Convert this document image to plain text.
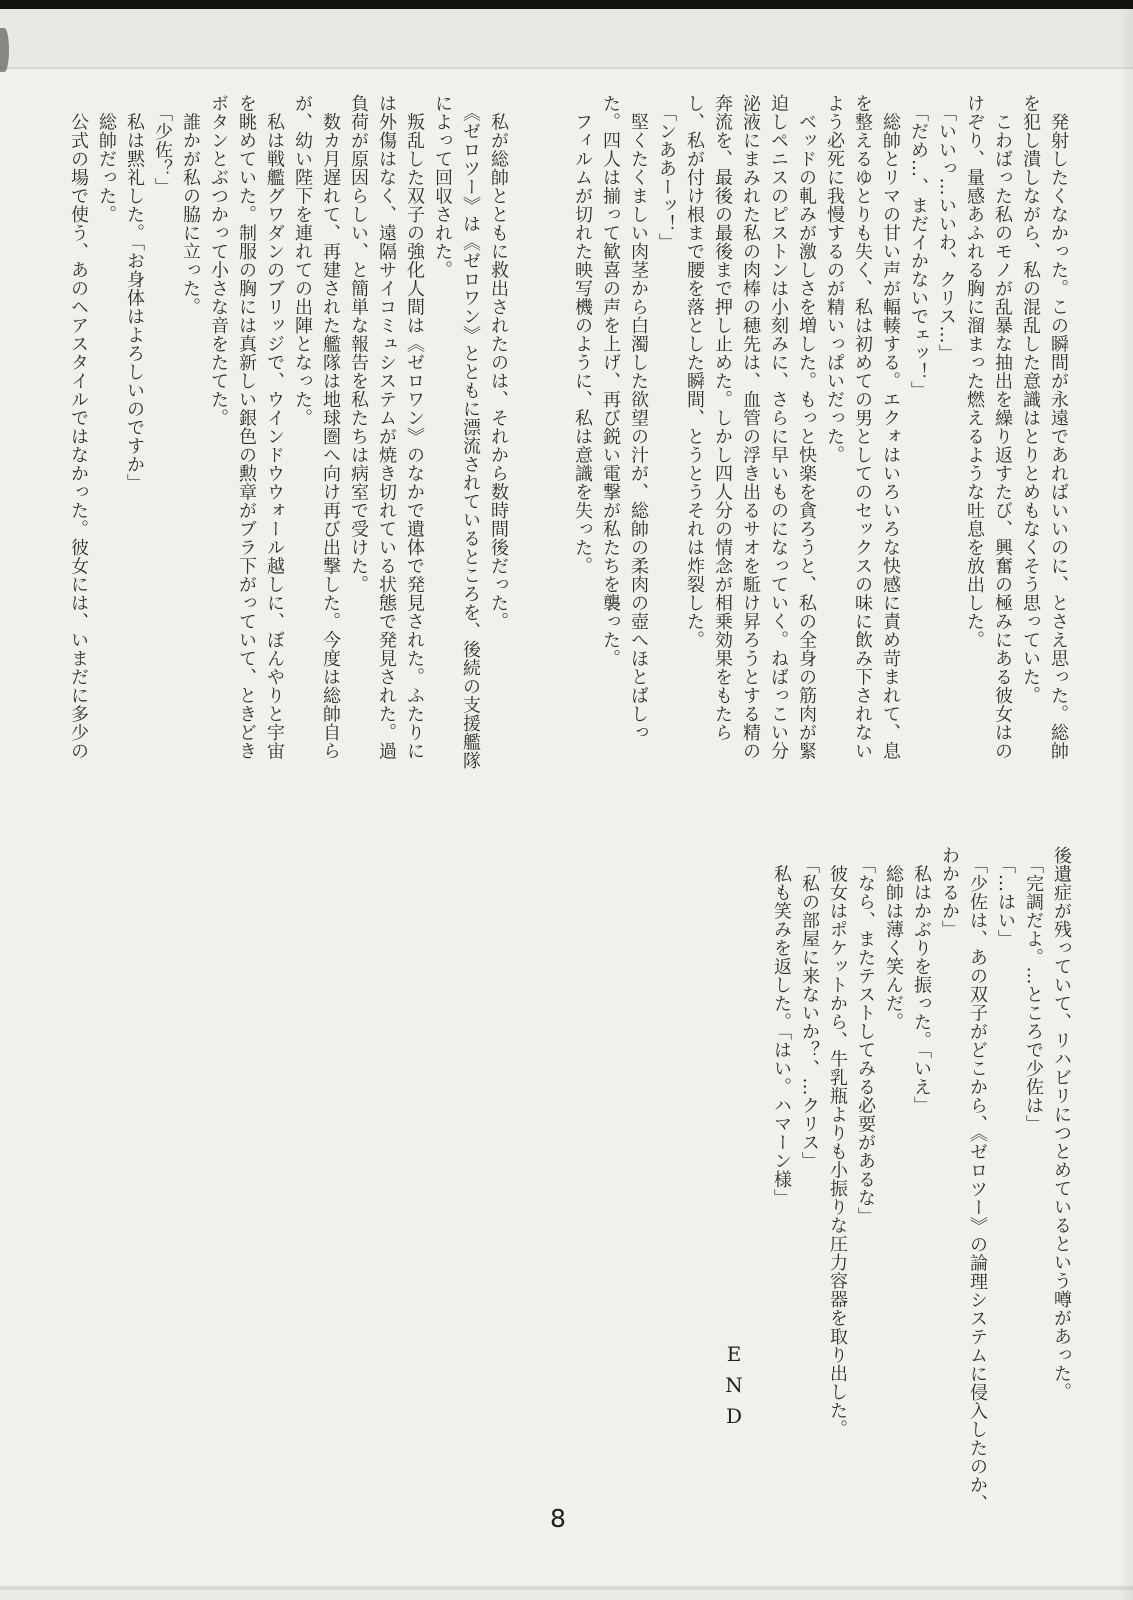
　発射したくなかった。この瞬間が永遠であればいいのに、とさえ思った。総帥を犯し潰しながら、私の混乱した意識はとりとめもなくそう思っていた。

　こわばった私のモノが乱暴な抽出を繰り返すたび、興奮の極みにある彼女はのけぞり、量感あふれる胸に溜まった燃えるような吐息を放出した。

　「いいっ…いいわ、クリス…」

　「だめ…、まだイかないでェッ！」

　総帥とリマの甘い声が輻輳する。エクォはいろいろな快感に責め苛まれて、息を整えるゆとりも失く、私は初めての男としてのセックスの味に飲み下されないよう必死に我慢するのが精いっぱいだった。

　ベッドの軋みが激しさを増した。もっと快楽を貪ろうと、私の全身の筋肉が緊迫しペニスのピストンは小刻みに、さらに早いものになっていく。ねばっこい分泌液にまみれた私の肉棒の穂先は、血管の浮き出るサオを駈け昇ろうとする精の奔流を、最後の最後まで押し止めた。しかし四人分の情念が相乗効果をもたらし、私が付け根まで腰を落とした瞬間、とうとうそれは炸裂した。

　「ンああーッ！」

　堅くたくましい肉茎から白濁した欲望の汁が、総帥の柔肉の壺へほとばしった。四人は揃って歓喜の声を上げ、再び鋭い電撃が私たちを襲った。

　フィルムが切れた映写機のように、私は意識を失った。

　私が総帥とともに救出されたのは、それから数時間後だった。

　《ゼロツー》は《ゼロワン》とともに漂流されているところを、後続の支援艦隊によって回収された。

　叛乱した双子の強化人間は《ゼロワン》のなかで遺体で発見された。ふたりには外傷はなく、遠隔サイコミュシステムが焼き切れている状態で発見された。過負荷が原因らしい、と簡単な報告を私たちは病室で受けた。

　数カ月遅れて、再建された艦隊は地球圏へ向け再び出撃した。今度は総帥自らが、幼い陛下を連れての出陣となった。

　私は戦艦グワダンのブリッジで、ウインドウウォール越しに、ぼんやりと宇宙を眺めていた。制服の胸には真新しい銀色の勲章がブラ下がっていて、ときどきボタンとぶつかって小さな音をたてた。

　誰かが私の脇に立った。

　「少佐？」

　私は黙礼した。「お身体はよろしいのですか」

　総帥だった。

　公式の場で使う、あのヘアスタイルではなかった。彼女には、いまだに多少の

後遺症が残っていて、リハビリにつとめているという噂があった。

　「完調だよ。…ところで少佐は」

　「…はい」

　「少佐は、あの双子がどこから、《ゼロツー》の論理システムに侵入したのか、わかるか」

　私はかぶりを振った。「いえ」

　総帥は薄く笑んだ。

　「なら、またテストしてみる必要があるな」

　彼女はポケットから、牛乳瓶よりも小振りな圧力容器を取り出した。

　「私の部屋に来ないか？、…クリス」

　私も笑みを返した。「はい。ハマーン様」

END
8
